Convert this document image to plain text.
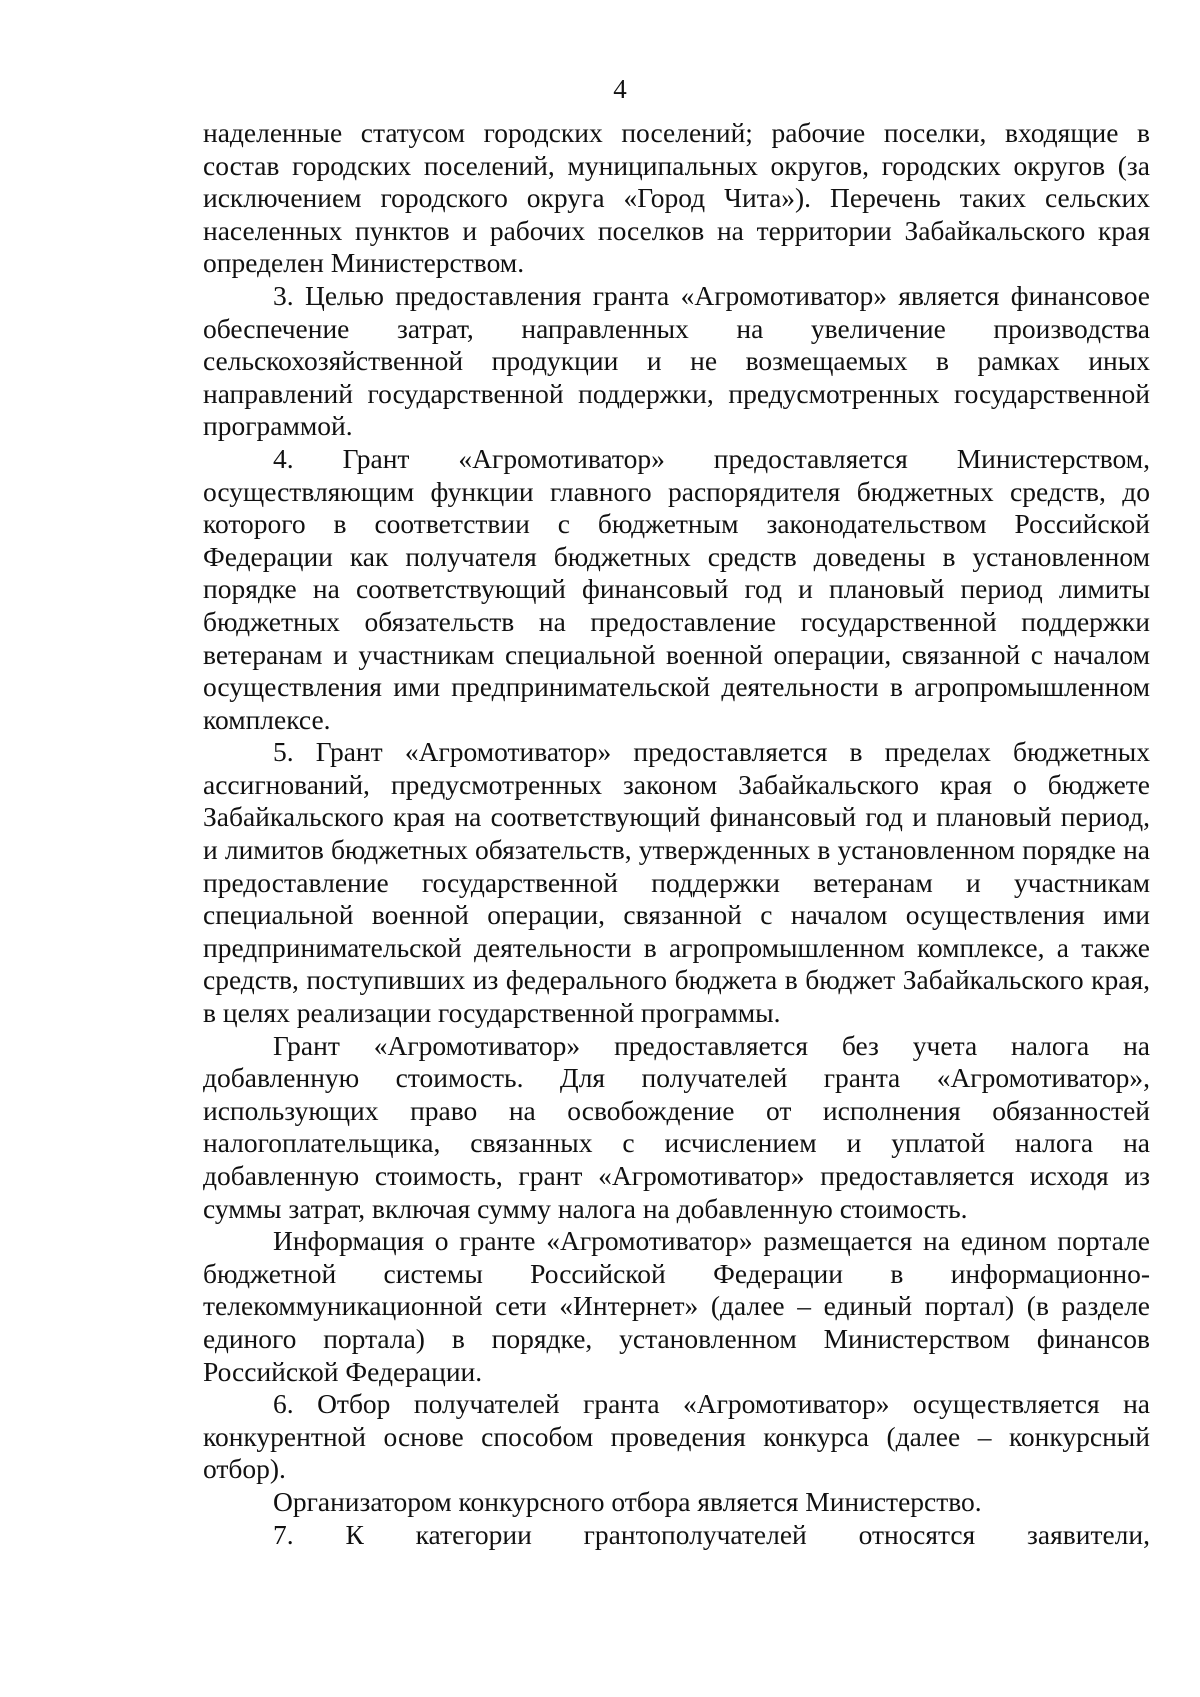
4

наделенные статусом городских поселений; рабочие поселки, входящие в состав городских поселений, муниципальных округов, городских округов (за исключением городского округа «Город Чита»). Перечень таких сельских населенных пунктов и рабочих поселков на территории Забайкальского края определен Министерством.

3. Целью предоставления гранта «Агромотиватор» является финансовое обеспечение затрат, направленных на увеличение производства сельскохозяйственной продукции и не возмещаемых в рамках иных направлений государственной поддержки, предусмотренных государственной программой.

4. Грант «Агромотиватор» предоставляется Министерством, осуществляющим функции главного распорядителя бюджетных средств, до которого в соответствии с бюджетным законодательством Российской Федерации как получателя бюджетных средств доведены в установленном порядке на соответствующий финансовый год и плановый период лимиты бюджетных обязательств на предоставление государственной поддержки ветеранам и участникам специальной военной операции, связанной с началом осуществления ими предпринимательской деятельности в агропромышленном комплексе.

5. Грант «Агромотиватор» предоставляется в пределах бюджетных ассигнований, предусмотренных законом Забайкальского края о бюджете Забайкальского края на соответствующий финансовый год и плановый период, и лимитов бюджетных обязательств, утвержденных в установленном порядке на предоставление государственной поддержки ветеранам и участникам специальной военной операции, связанной с началом осуществления ими предпринимательской деятельности в агропромышленном комплексе, а также средств, поступивших из федерального бюджета в бюджет Забайкальского края, в целях реализации государственной программы.

Грант «Агромотиватор» предоставляется без учета налога на добавленную стоимость. Для получателей гранта «Агромотиватор», использующих право на освобождение от исполнения обязанностей налогоплательщика, связанных с исчислением и уплатой налога на добавленную стоимость, грант «Агромотиватор» предоставляется исходя из суммы затрат, включая сумму налога на добавленную стоимость.

Информация о гранте «Агромотиватор» размещается на едином портале бюджетной системы Российской Федерации в информационно-телекоммуникационной сети «Интернет» (далее – единый портал) (в разделе единого портала) в порядке, установленном Министерством финансов Российской Федерации.

6. Отбор получателей гранта «Агромотиватор» осуществляется на конкурентной основе способом проведения конкурса (далее – конкурсный отбор).

Организатором конкурсного отбора является Министерство.

7. К категории грантополучателей относятся заявители,
